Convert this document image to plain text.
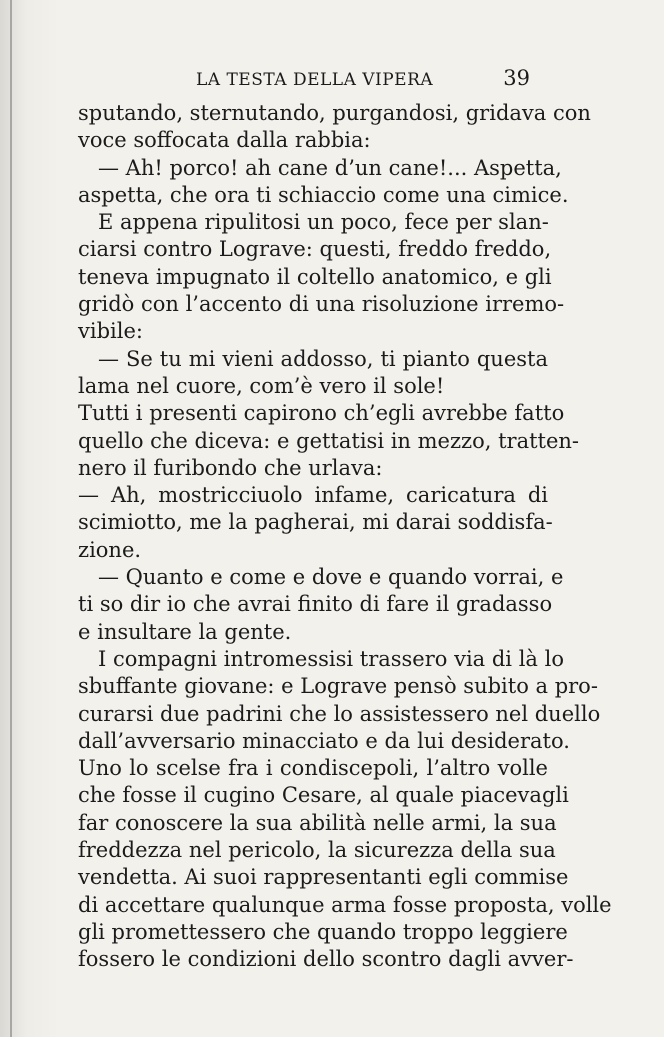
LA TESTA DELLA VIPERA	39
sputando, sternutando, purgandosi, gridava con
voce soffocata dalla rabbia:
— Ah! porco! ah cane d’un cane!... Aspetta,
aspetta, che ora ti schiaccio come una cimice.
E appena ripulitosi un poco, fece per slan-
ciarsi contro Lograve: questi, freddo freddo,
teneva impugnato il coltello anatomico, e gli
gridò con l’accento di una risoluzione irremo-
vibile:
— Se tu mi vieni addosso, ti pianto questa
lama nel cuore, com’è vero il sole!
Tutti i presenti capirono ch’egli avrebbe fatto
quello che diceva: e gettatisi in mezzo, tratten-
nero il furibondo che urlava:
— Ah, mostricciuolo infame, caricatura di
scimiotto, me la pagherai, mi darai soddisfa-
zione.
— Quanto e come e dove e quando vorrai, e
ti so dir io che avrai finito di fare il gradasso
e insultare la gente.
I compagni intromessisi trassero via di là lo
sbuffante giovane: e Lograve pensò subito a pro-
curarsi due padrini che lo assistessero nel duello
dall’avversario minacciato e da lui desiderato.
Uno lo scelse fra i condiscepoli, l’altro volle
che fosse il cugino Cesare, al quale piacevagli
far conoscere la sua abilità nelle armi, la sua
freddezza nel pericolo, la sicurezza della sua
vendetta. Ai suoi rappresentanti egli commise
di accettare qualunque arma fosse proposta, volle
gli promettessero che quando troppo leggiere
fossero le condizioni dello scontro dagli avver-
